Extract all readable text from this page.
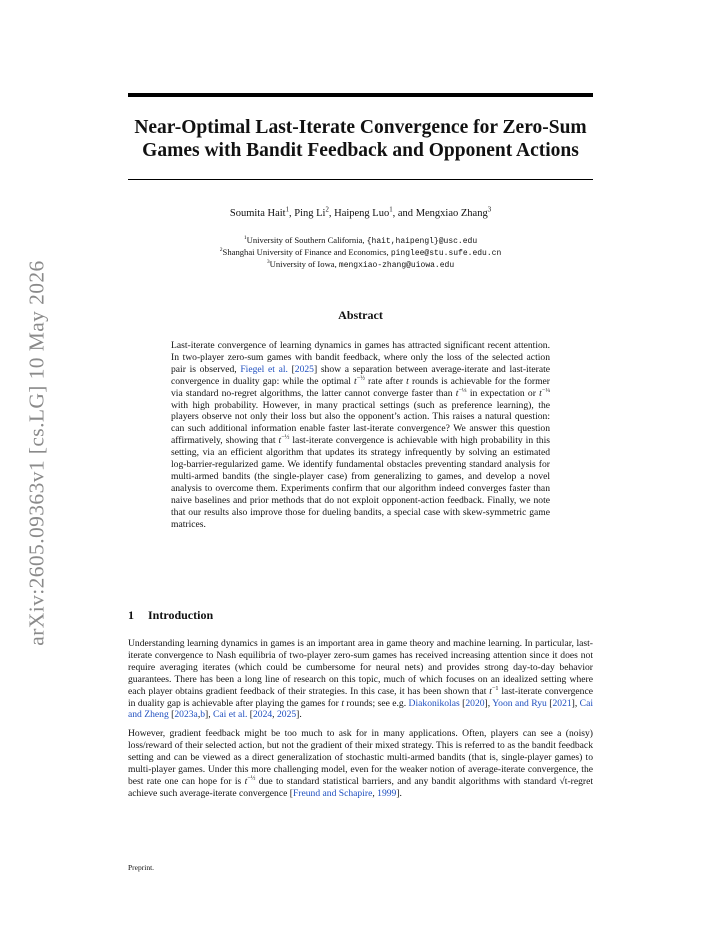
arXiv:2605.09363v1 [cs.LG] 10 May 2026
Near-Optimal Last-Iterate Convergence for Zero-Sum
Games with Bandit Feedback and Opponent Actions
Soumita Hait$^1$, Ping Li$^2$, Haipeng Luo$^1$, and Mengxiao Zhang$^3$
$^1$University of Southern California, {hait,haipengl}@usc.edu
$^2$Shanghai University of Finance and Economics, pinglee@stu.sufe.edu.cn
$^3$University of Iowa, mengxiao-zhang@uiowa.edu
Abstract

Last-iterate convergence of learning dynamics in games has attracted significant recent attention. In two-player zero-sum games with bandit feedback, where only the loss of the selected action pair is observed, Fiegel et al. [2025] show a separation between average-iterate and last-iterate convergence in duality gap: while the optimal $t^{-\frac{1}{2}}$ rate after t rounds is achievable for the former via standard no-regret algorithms, the latter cannot converge faster than $t^{-\frac{1}{3}}$ in expectation or $t^{-\frac{1}{4}}$ with high probability. However, in many practical settings (such as preference learning), the players observe not only their loss but also the opponent’s action. This raises a natural question: can such additional information enable faster last-iterate convergence? We answer this question affirmatively, showing that $t^{-\frac{1}{2}}$ last-iterate convergence is achievable with high probability in this setting, via an efficient algorithm that updates its strategy infrequently by solving an estimated log-barrier-regularized game. We identify fundamental obstacles preventing standard analysis for multi-armed bandits (the single-player case) from generalizing to games, and develop a novel analysis to overcome them. Experiments confirm that our algorithm indeed converges faster than naive baselines and prior methods that do not exploit opponent-action feedback. Finally, we note that our results also improve those for dueling bandits, a special case with skew-symmetric game matrices.

1 Introduction

Understanding learning dynamics in games is an important area in game theory and machine learning. In particular, last-iterate convergence to Nash equilibria of two-player zero-sum games has received increasing attention since it does not require averaging iterates (which could be cumbersome for neural nets) and provides strong day-to-day behavior guarantees. There has been a long line of research on this topic, much of which focuses on an idealized setting where each player obtains gradient feedback of their strategies. In this case, it has been shown that $t^{-1}$ last-iterate convergence in duality gap is achievable after playing the games for t rounds; see e.g. Diakonikolas [2020], Yoon and Ryu [2021], Cai and Zheng [2023a,b], Cai et al. [2024, 2025].

However, gradient feedback might be too much to ask for in many applications. Often, players can see a (noisy) loss/reward of their selected action, but not the gradient of their mixed strategy. This is referred to as the bandit feedback setting and can be viewed as a direct generalization of stochastic multi-armed bandits (that is, single-player games) to multi-player games. Under this more challenging model, even for the weaker notion of average-iterate convergence, the best rate one can hope for is $t^{-\frac{1}{2}}$ due to standard statistical barriers, and any bandit algorithms with standard √t-regret achieve such average-iterate convergence [Freund and Schapire, 1999].

Preprint.
